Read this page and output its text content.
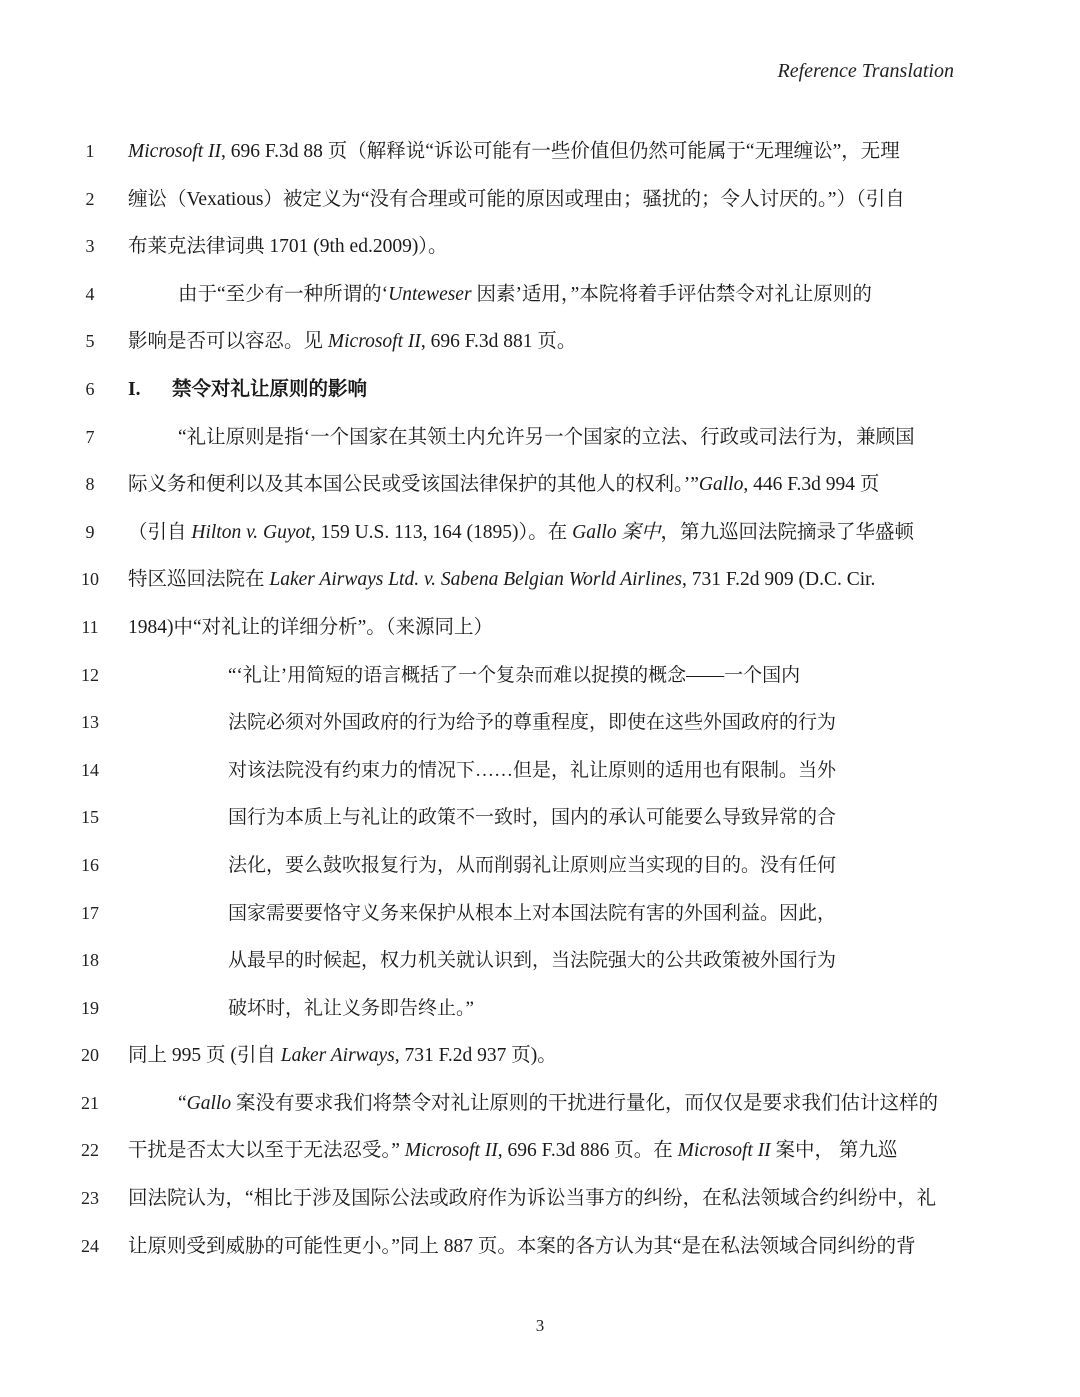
Reference Translation
1	Microsoft II, 696 F.3d 88 页（解释说“诉讼可能有一些价值但仍然可能属于“无理缠讼”，无理
2	缠讼（Vexatious）被定义为“没有合理或可能的原因或理由；骚扰的；令人讨厌的。”）（引自
3	布莱克法律词典 1701 (9th ed.2009)）。
4	由于“至少有一种所谓的‘Unteweser 因素’适用，”本院将着手评估禁令对礼让原则的
5	影响是否可以容忍。见 Microsoft II, 696 F.3d 881 页。
6	I. 禁令对礼让原则的影响
7	“礼让原则是指‘一个国家在其领土内允许另一个国家的立法、行政或司法行为，兼顾国
8	际义务和便利以及其本国公民或受该国法律保护的其他人的权利。’”Gallo, 446 F.3d 994 页
9	（引自 Hilton v. Guyot, 159 U.S. 113, 164 (1895)）。在 Gallo 案中，第九巡回法院摘录了华盛顿
10	特区巡回法院在 Laker Airways Ltd. v. Sabena Belgian World Airlines, 731 F.2d 909 (D.C. Cir.
11	1984)中“对礼让的详细分析”。（来源同上）
12	“‘礼让’用简短的语言概括了一个复杂而难以捉摸的概念——一个国内
13	法院必须对外国政府的行为给予的尊重程度，即使在这些外国政府的行为
14	对该法院没有约束力的情况下……但是，礼让原则的适用也有限制。当外
15	国行为本质上与礼让的政策不一致时，国内的承认可能要么导致异常的合
16	法化，要么鼓吹报复行为，从而削弱礼让原则应当实现的目的。没有任何
17	国家需要要恪守义务来保护从根本上对本国法院有害的外国利益。因此，
18	从最早的时候起，权力机关就认识到，当法院强大的公共政策被外国行为
19	破坏时，礼让义务即告终止。”
20	同上 995 页 (引自 Laker Airways, 731 F.2d 937 页)。
21	“Gallo 案没有要求我们将禁令对礼让原则的干扰进行量化，而仅仅是要求我们估计这样的
22	干扰是否太大以至于无法忍受。” Microsoft II, 696 F.3d 886 页。在 Microsoft II 案中， 第九巡
23	回法院认为，“相比于涉及国际公法或政府作为诉讼当事方的纠纷，在私法领域合约纠纷中，礼
24	让原则受到威胁的可能性更小。”同上 887 页。本案的各方认为其“是在私法领域合同纠纷的背
3
